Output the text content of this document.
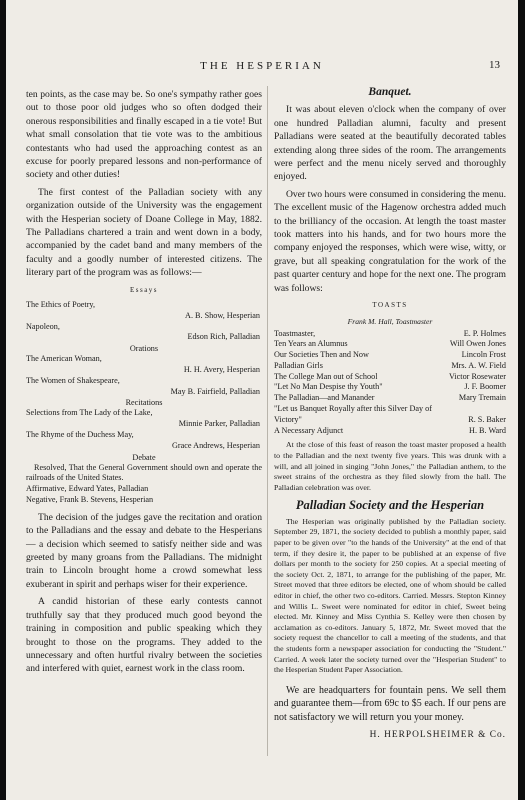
THE HESPERIAN	13

ten points, as the case may be. So one's sympathy rather goes out to those poor old judges who so often dodged their onerous responsibilities and finally escaped in a tie vote! But what small consolation that tie vote was to the ambitious contestants who had used the approaching contest as an excuse for poorly prepared lessons and non-performance of society and other duties!

The first contest of the Palladian society with any organization outside of the University was the engagement with the Hesperian society of Doane College in May, 1882. The Palladians chartered a train and went down in a body, accompanied by the cadet band and many members of the faculty and a goodly number of interested citizens. The literary part of the program was as follows:—

Essays
The Ethics of Poetry,
A. B. Show, Hesperian
Napoleon,
Edson Rich, Palladian
Orations
The American Woman,
H. H. Avery, Hesperian
The Women of Shakespeare,
May B. Fairfield, Palladian
Recitations
Selections from The Lady of the Lake,
Minnie Parker, Palladian
The Rhyme of the Duchess May,
Grace Andrews, Hesperian
Debate
Resolved, That the General Government should own and operate the railroads of the United States.
Affirmative, Edward Yates, Palladian
Negative, Frank B. Stevens, Hesperian

The decision of the judges gave the recitation and oration to the Palladians and the essay and debate to the Hesperians — a decision which seemed to satisfy neither side and was greeted by many groans from the Palladians. The midnight train to Lincoln brought home a crowd somewhat less exuberant in spirit and perhaps wiser for their experience.

A candid historian of these early contests cannot truthfully say that they produced much good beyond the training in composition and public speaking which they brought to those on the programs. They added to the unnecessary and often hurtful rivalry between the societies and interfered with quiet, earnest work in the class room.

Banquet.

It was about eleven o'clock when the company of over one hundred Palladian alumni, faculty and present Palladians were seated at the beautifully decorated tables extending along three sides of the room. The arrangements were perfect and the menu nicely served and thoroughly enjoyed.

Over two hours were consumed in considering the menu. The excellent music of the Hagenow orchestra added much to the brilliancy of the occasion. At length the toast master took matters into his hands, and for two hours more the company enjoyed the responses, which were wise, witty, or grave, but all speaking congratulation for the work of the past quarter century and hope for the next one. The program was follows:

TOASTS
Frank M. Hall, Toastmaster
Toastmaster,	E. P. Holmes
Ten Years an Alumnus	Will Owen Jones
Our Societies Then and Now	Lincoln Frost
Palladian Girls	Mrs. A. W. Field
The College Man out of School	Victor Rosewater
"Let No Man Despise thy Youth"	J. F. Boomer
The Palladian—and Manander	Mary Tremain
"Let us Banquet Royally after this Silver Day of Victory"	R. S. Baker
A Necessary Adjunct	H. B. Ward

At the close of this feast of reason the toast master proposed a health to the Palladian and the next twenty five years. This was drunk with a will, and all joined in singing "John Jones," the Palladian anthem, to the sweet strains of the orchestra as they filed slowly from the hall. The Palladian celebration was over.

Palladian Society and the Hesperian

The Hesperian was originally published by the Palladian society. September 29, 1871, the society decided to publish a monthly paper, said paper to be given over "to the hands of the University" at the end of that term, if they desire it, the paper to be published at an expense of five dollars per month to the society for 250 copies. At a special meeting of the society Oct. 2, 1871, to arrange for the publishing of the paper, Mr. Street moved that three editors be elected, one of whom should be called editor in chief, the other two co-editors. Carried. Messrs. Stepton Kinney and Willis L. Sweet were nominated for editor in chief, Sweet being elected. Mr. Kinney and Miss Cynthia S. Kelley were then chosen by acclamation as co-editors. January 5, 1872, Mr. Sweet moved that the society request the chancellor to call a meeting of the students, and that the students form a newspaper association for conducting the "Student." Carried. A week later the society turned over the "Hesperian Student" to the Hesperian Student Paper Association.

We are headquarters for fountain pens. We sell them and guarantee them—from 69c to $5 each. If our pens are not satisfactory we will return you your money.

H. HERPOLSHEIMER & Co.
